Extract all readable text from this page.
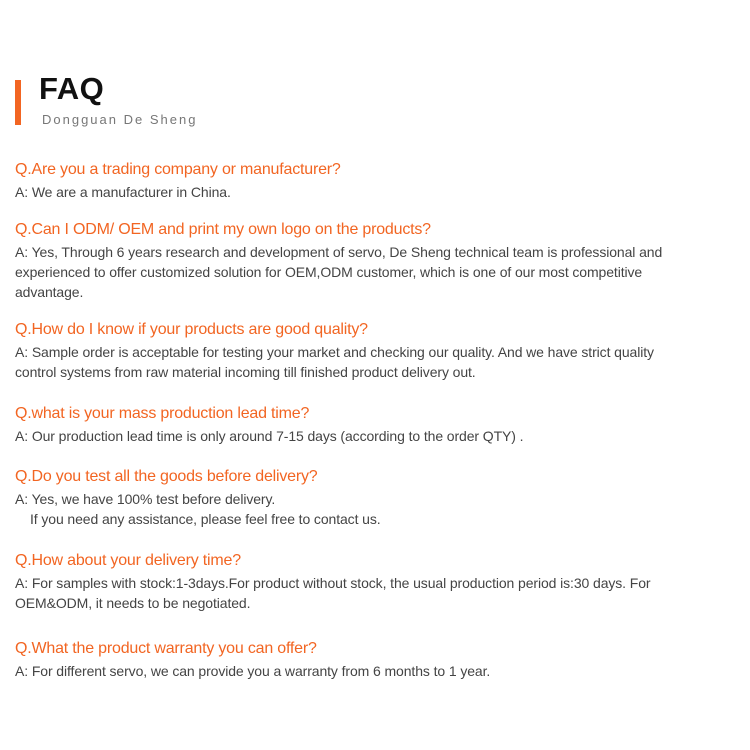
FAQ
Dongguan De Sheng

Q.Are you a trading company or manufacturer?

A: We are a manufacturer in China.

Q.Can I ODM/ OEM and print my own logo on the products?

A: Yes, Through 6 years research and development of servo, De Sheng technical team is professional and
experienced to offer customized solution for OEM,ODM customer, which is one of our most competitive
advantage.

Q.How do I know if your products are good quality?

A: Sample order is acceptable for testing your market and checking our quality. And we have strict quality
control systems from raw material incoming till finished product delivery out.

Q.what is your mass production lead time?

A: Our production lead time is only around 7-15 days (according to the order QTY) .

Q.Do you test all the goods before delivery?

A: Yes, we have 100% test before delivery.
If you need any assistance, please feel free to contact us.

Q.How about your delivery time?

A: For samples with stock:1-3days.For product without stock, the usual production period is:30 days. For
OEM&ODM, it needs to be negotiated.

Q.What the product warranty you can offer?

A: For different servo, we can provide you a warranty from 6 months to 1 year.
